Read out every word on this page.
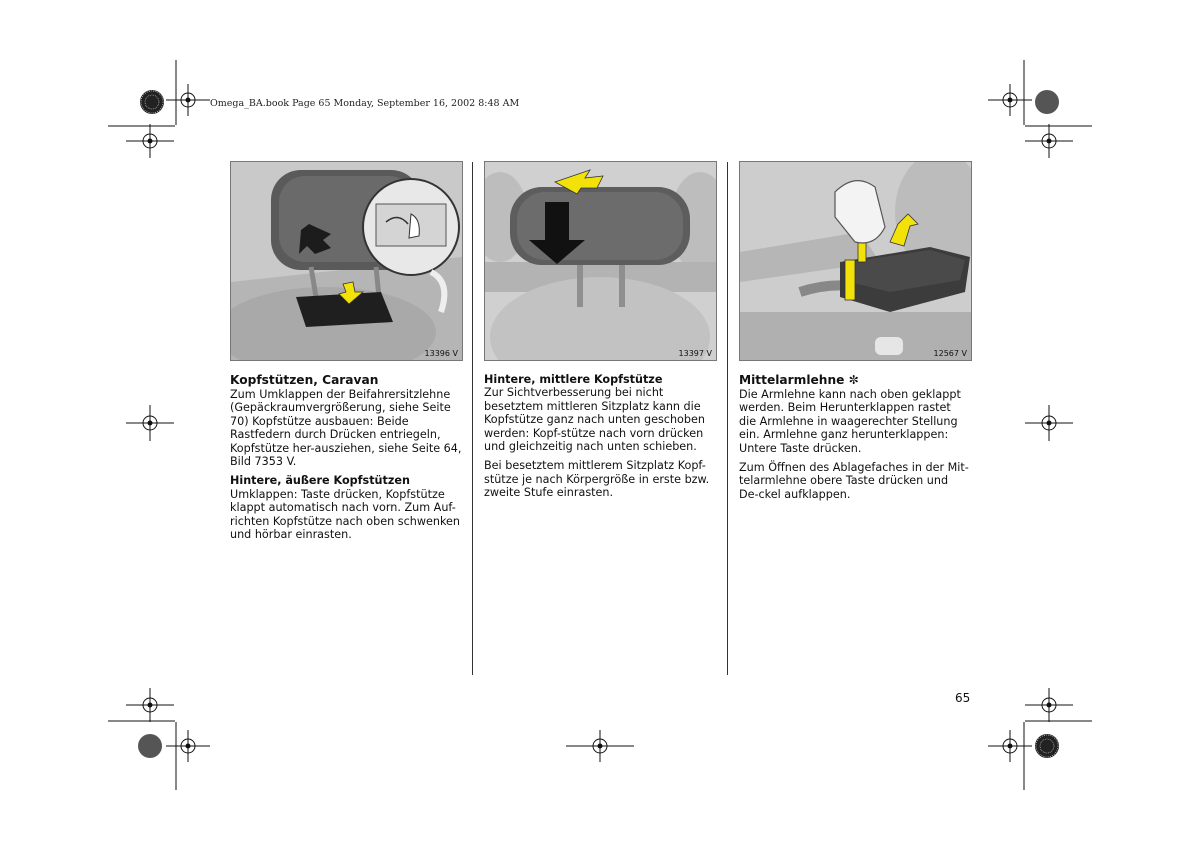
Omega_BA.book Page 65 Monday, September 16, 2002 8:48 AM
13396 V	13397 V	12567 V
Kopfstützen, Caravan

Zum Umklappen der Beifahrersitzlehne (Gepäckraumvergrößerung, siehe Seite 70) Kopfstütze ausbauen: Beide Rastfedern durch Drücken entriegeln, Kopfstütze her-ausziehen, siehe Seite 64, Bild 7353 V.

Hintere, äußere Kopfstützen

Umklappen: Taste drücken, Kopfstütze klappt automatisch nach vorn. Zum Auf-richten Kopfstütze nach oben schwenken und hörbar einrasten.

Hintere, mittlere Kopfstütze

Zur Sichtverbesserung bei nicht besetztem mittleren Sitzplatz kann die Kopfstütze ganz nach unten geschoben werden: Kopf-stütze nach vorn drücken und gleichzeitig nach unten schieben.

Bei besetztem mittlerem Sitzplatz Kopf-stütze je nach Körpergröße in erste bzw. zweite Stufe einrasten.

Mittelarmlehne ✼

Die Armlehne kann nach oben geklappt werden. Beim Herunterklappen rastet die Armlehne in waagerechter Stellung ein. Armlehne ganz herunterklappen: Untere Taste drücken.

Zum Öffnen des Ablagefaches in der Mit-telarmlehne obere Taste drücken und De-ckel aufklappen.

65
